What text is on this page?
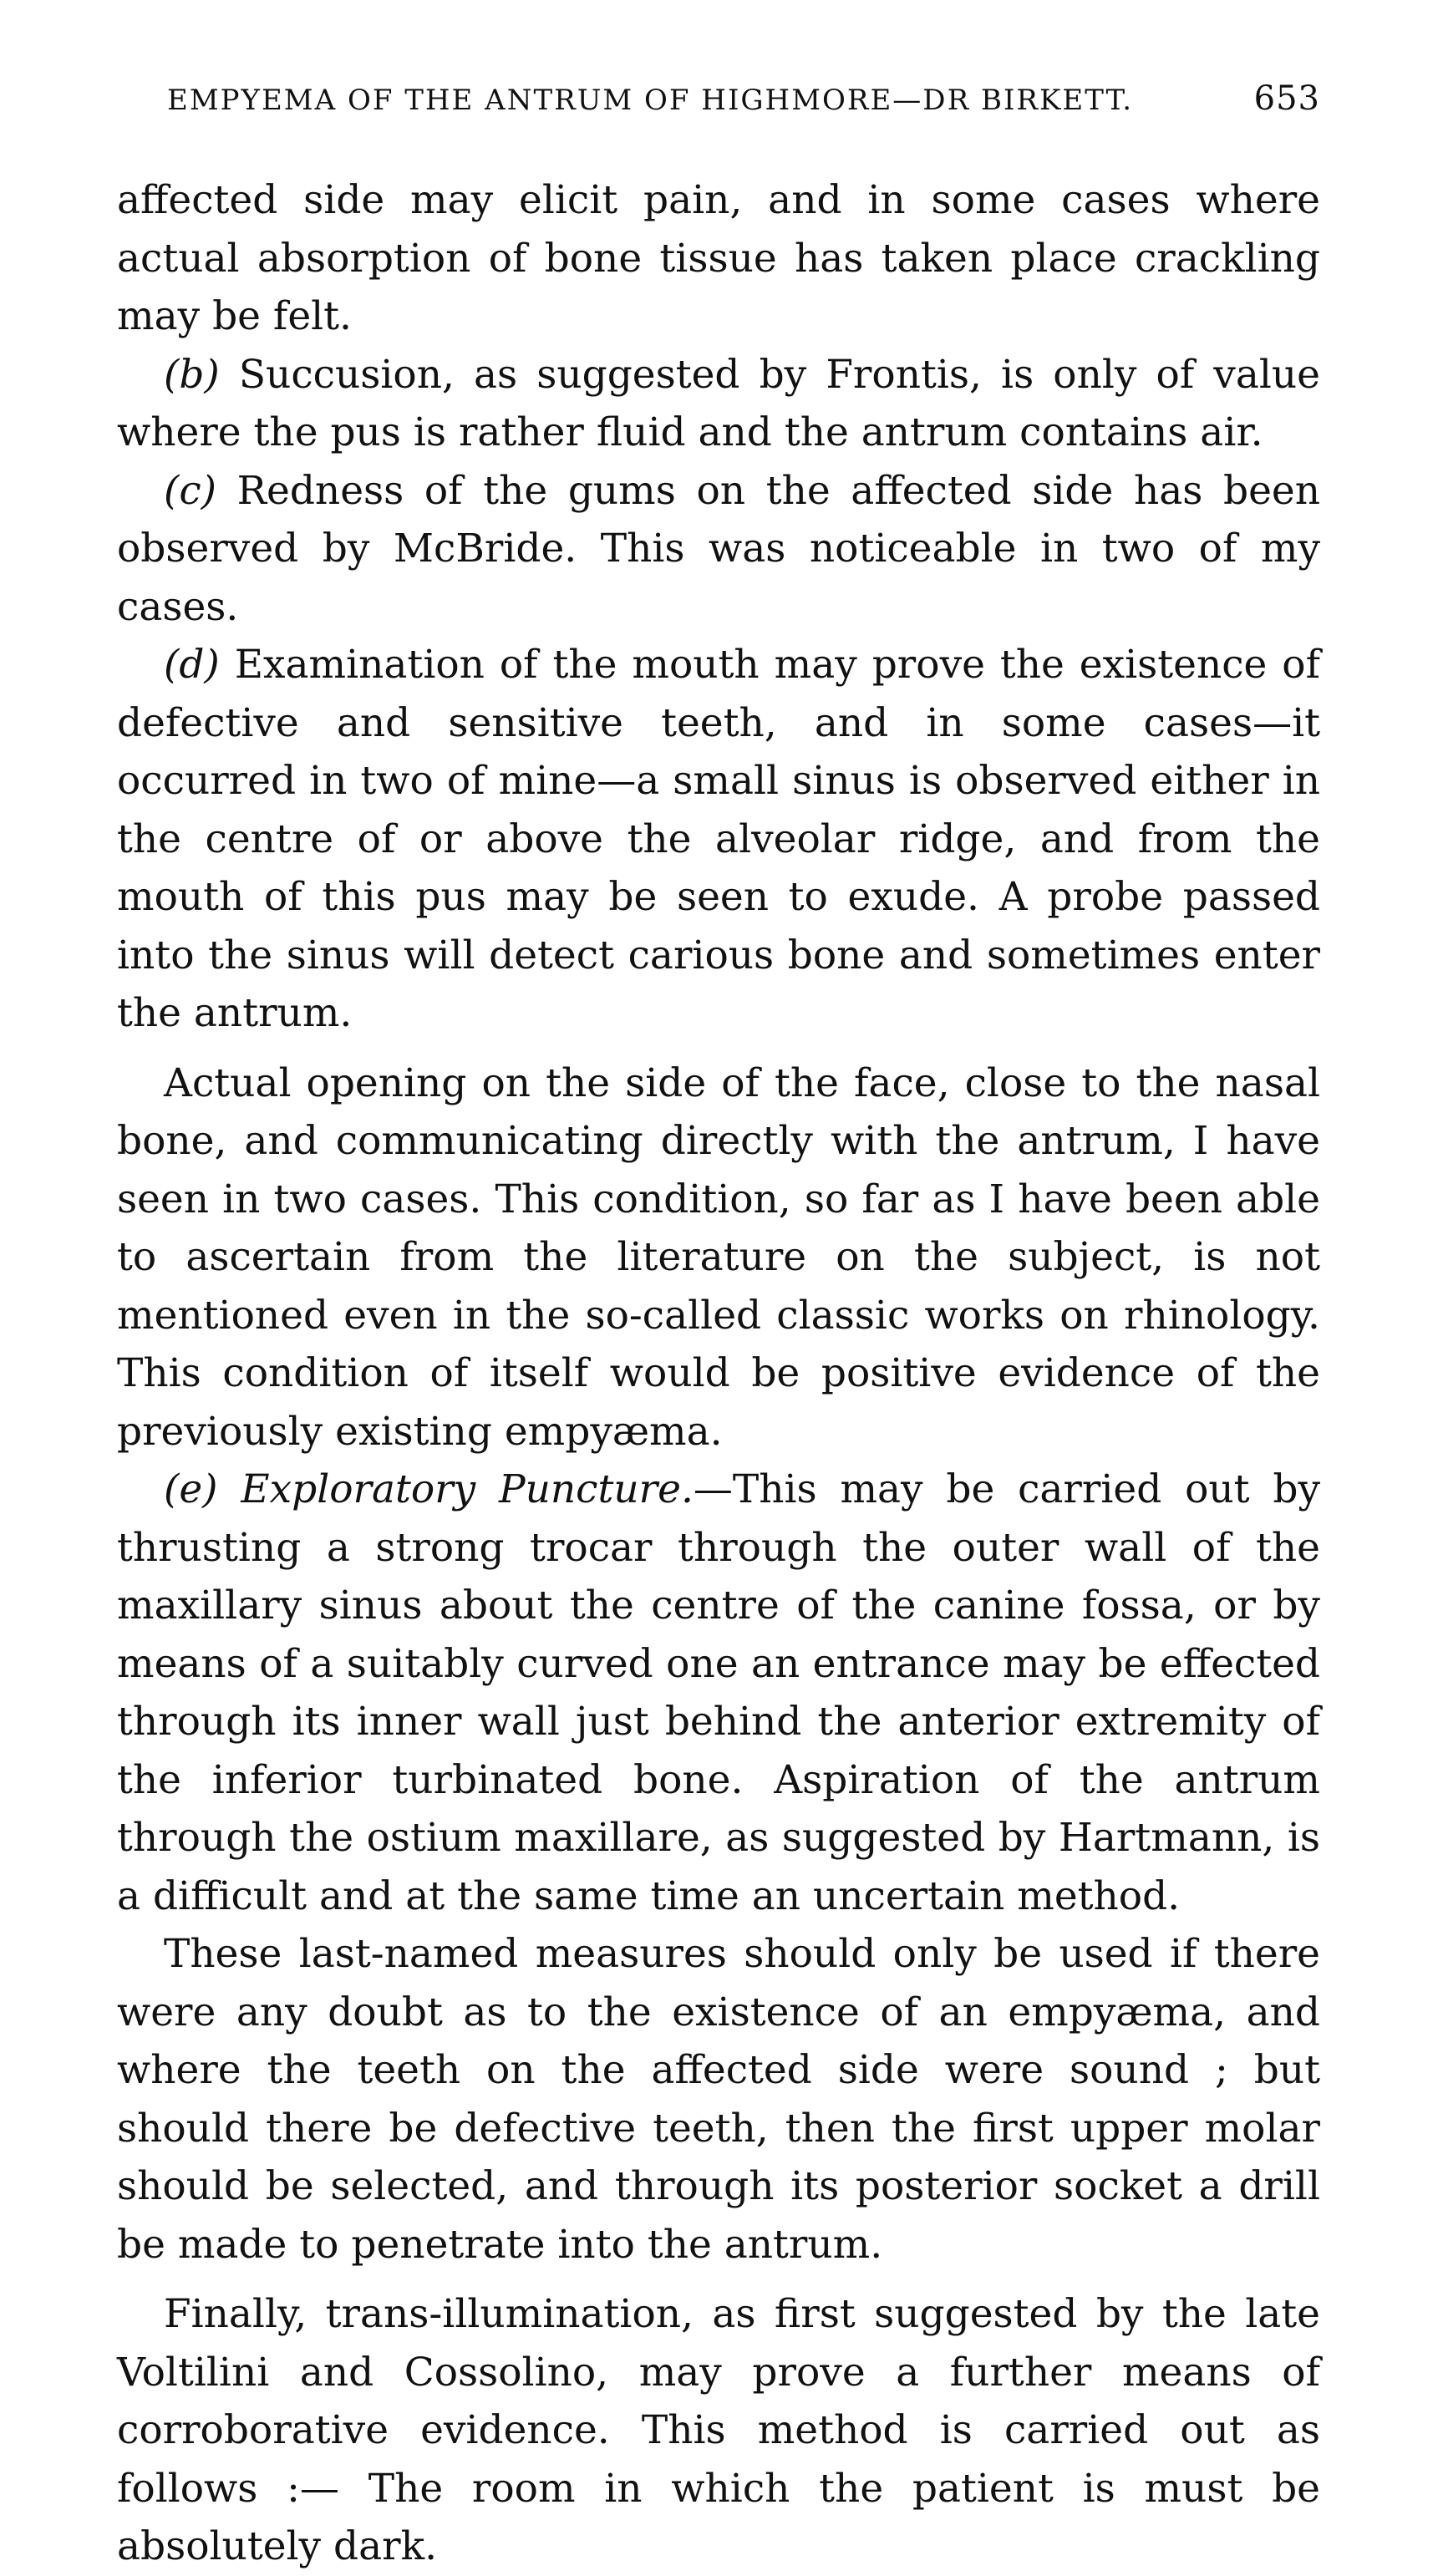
EMPYEMA OF THE ANTRUM OF HIGHMORE—DR BIRKETT.	653

affected side may elicit pain, and in some cases where actual absorption of bone tissue has taken place crackling may be felt.

(b) Succusion, as suggested by Frontis, is only of value where the pus is rather fluid and the antrum contains air.

(c) Redness of the gums on the affected side has been observed by McBride. This was noticeable in two of my cases.

(d) Examination of the mouth may prove the existence of defective and sensitive teeth, and in some cases—it occurred in two of mine—a small sinus is observed either in the centre of or above the alveolar ridge, and from the mouth of this pus may be seen to exude. A probe passed into the sinus will detect carious bone and sometimes enter the antrum.

Actual opening on the side of the face, close to the nasal bone, and communicating directly with the antrum, I have seen in two cases. This condition, so far as I have been able to ascertain from the literature on the subject, is not mentioned even in the so-called classic works on rhinology. This condition of itself would be positive evidence of the previously existing empyæma.

(e) Exploratory Puncture.—This may be carried out by thrusting a strong trocar through the outer wall of the maxillary sinus about the centre of the canine fossa, or by means of a suitably curved one an entrance may be effected through its inner wall just behind the anterior extremity of the inferior turbinated bone. Aspiration of the antrum through the ostium maxillare, as suggested by Hartmann, is a difficult and at the same time an uncertain method.

These last-named measures should only be used if there were any doubt as to the existence of an empyæma, and where the teeth on the affected side were sound ; but should there be defective teeth, then the first upper molar should be selected, and through its posterior socket a drill be made to penetrate into the antrum.

Finally, trans-illumination, as first suggested by the late Voltilini and Cossolino, may prove a further means of corroborative evidence. This method is carried out as follows :— The room in which the patient is must be absolutely dark.
